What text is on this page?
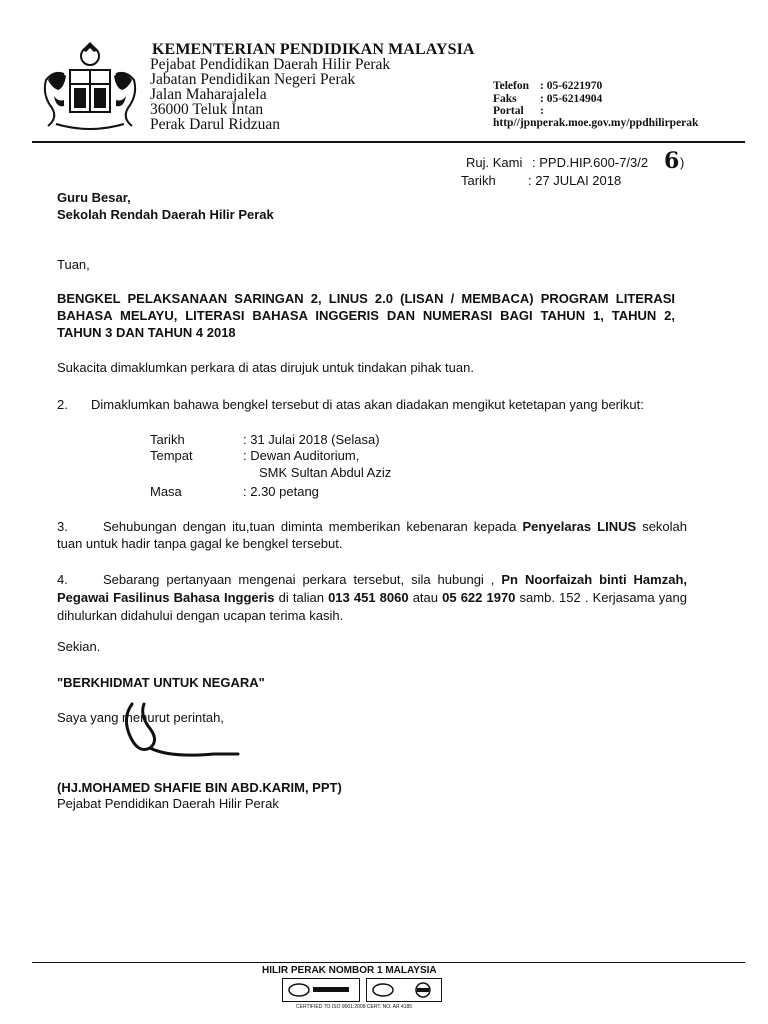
KEMENTERIAN PENDIDIKAN MALAYSIA
Pejabat Pendidikan Daerah Hilir Perak
Jabatan Pendidikan Negeri Perak
Jalan Maharajalela
36000 Teluk Intan
Perak Darul Ridzuan
Telefon : 05-6221970
Faks : 05-6214904
Portal :
http//jpnperak.moe.gov.my/ppdhilirperak
Ruj. Kami : PPD.HIP.600-7/3/2 6 )
Tarikh : 27 JULAI 2018
Guru Besar,
Sekolah Rendah Daerah Hilir Perak
Tuan,
BENGKEL PELAKSANAAN SARINGAN 2, LINUS 2.0 (LISAN / MEMBACA) PROGRAM LITERASI BAHASA MELAYU, LITERASI BAHASA INGGERIS DAN NUMERASI BAGI TAHUN 1, TAHUN 2, TAHUN 3 DAN TAHUN 4 2018
Sukacita dimaklumkan perkara di atas dirujuk untuk tindakan pihak tuan.
2.	Dimaklumkan bahawa bengkel tersebut di atas akan diadakan mengikut ketetapan yang berikut:
Tarikh	: 31 Julai 2018 (Selasa)
Tempat	: Dewan Auditorium,
SMK Sultan Abdul Aziz
Masa	: 2.30 petang
3.	Sehubungan dengan itu,tuan diminta memberikan kebenaran kepada Penyelaras LINUS sekolah tuan untuk hadir tanpa gagal ke bengkel tersebut.
4.	Sebarang pertanyaan mengenai perkara tersebut, sila hubungi , Pn Noorfaizah binti Hamzah, Pegawai Fasilinus Bahasa Inggeris di talian 013 451 8060 atau 05 622 1970 samb. 152 . Kerjasama yang dihulurkan didahului dengan ucapan terima kasih.
Sekian.
"BERKHIDMAT UNTUK NEGARA"
Saya yang menurut perintah,
(HJ.MOHAMED SHAFIE BIN ABD.KARIM, PPT)
Pejabat Pendidikan Daerah Hilir Perak
HILIR PERAK NOMBOR 1 MALAYSIA
CERTIFIED TO ISO 9001:2008 CERT. NO. AR 4185
